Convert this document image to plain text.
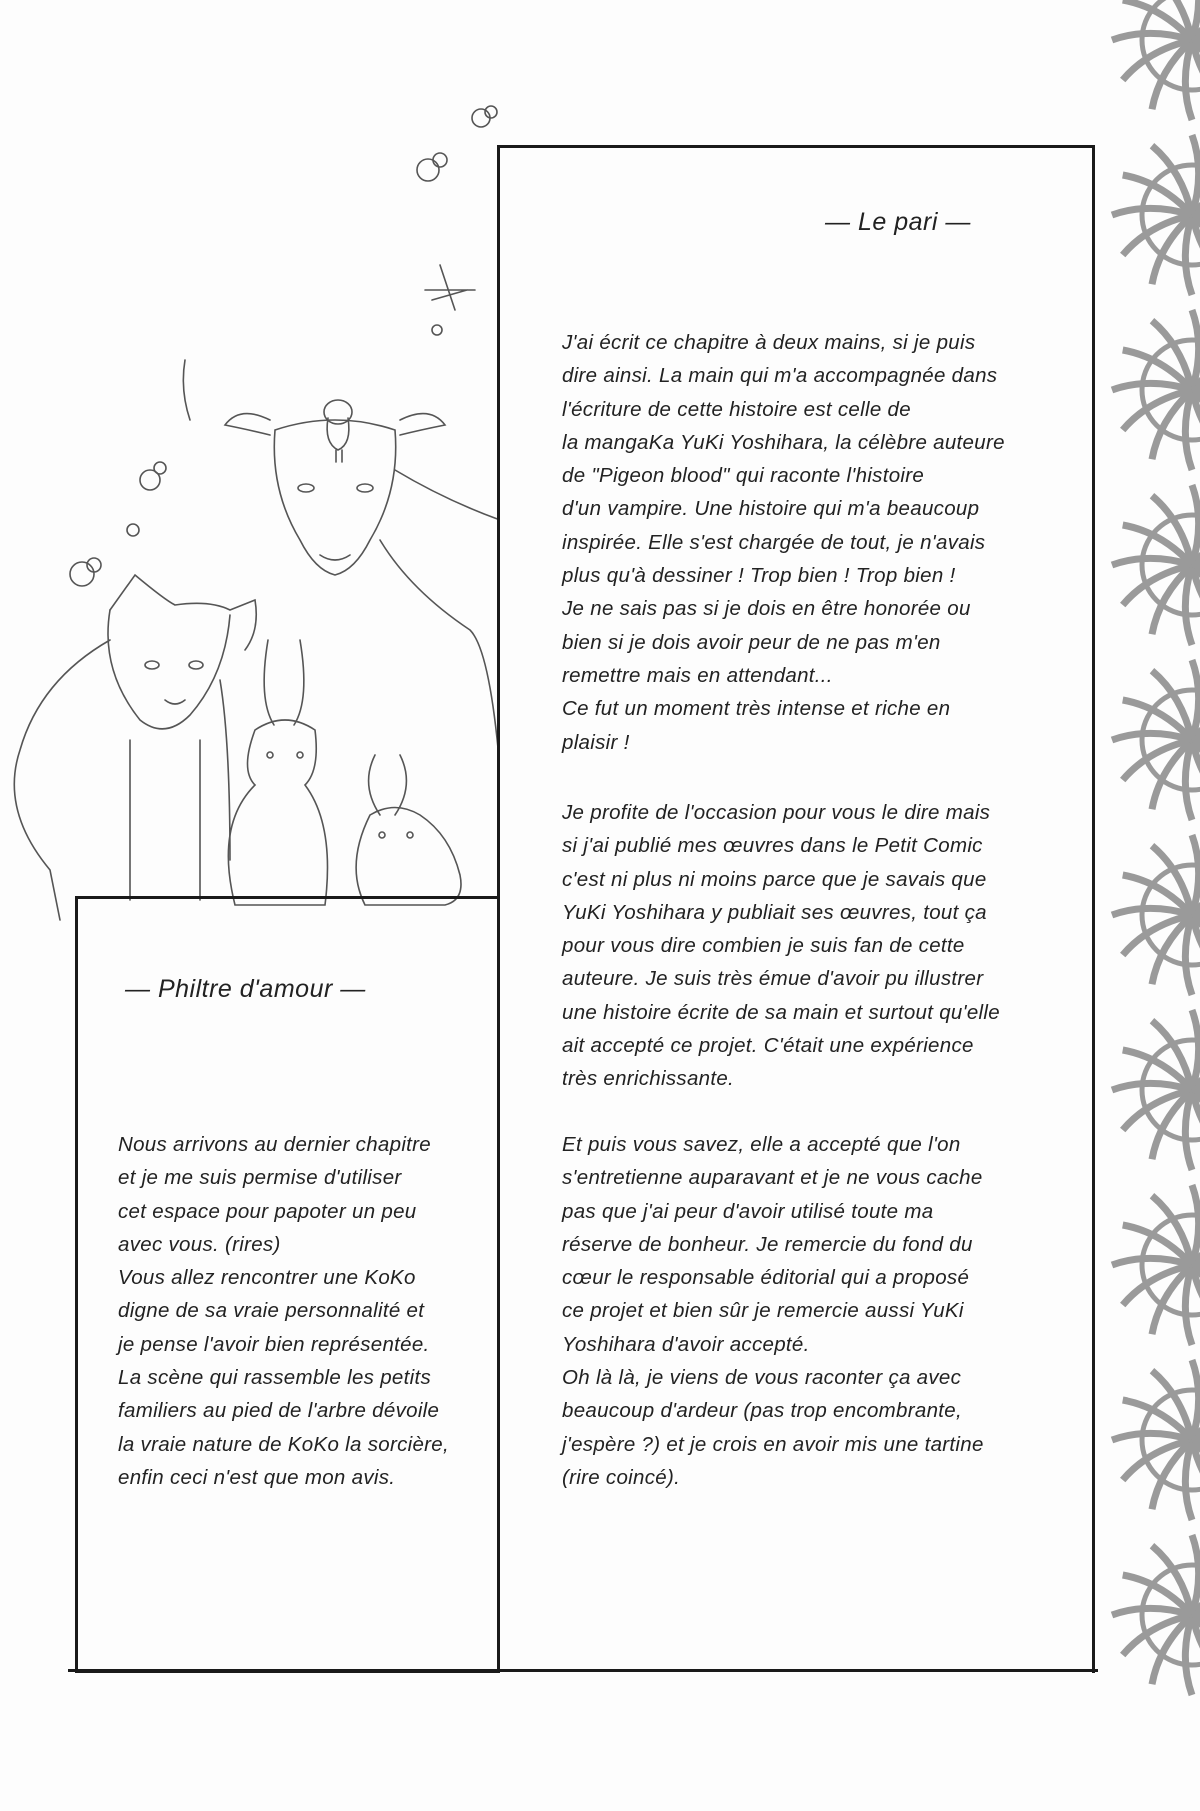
— Le pari —
J'ai écrit ce chapitre à deux mains, si je puis
dire ainsi. La main qui m'a accompagnée dans
l'écriture de cette histoire est celle de
la mangaKa YuKi Yoshihara, la célèbre auteure
de "Pigeon blood" qui raconte l'histoire
d'un vampire. Une histoire qui m'a beaucoup
inspirée. Elle s'est chargée de tout, je n'avais
plus qu'à dessiner ! Trop bien ! Trop bien !
Je ne sais pas si je dois en être honorée ou
bien si je dois avoir peur de ne pas m'en
remettre mais en attendant...
Ce fut un moment très intense et riche en
plaisir !
Je profite de l'occasion pour vous le dire mais
si j'ai publié mes œuvres dans le Petit Comic
c'est ni plus ni moins parce que je savais que
YuKi Yoshihara y publiait ses œuvres, tout ça
pour vous dire combien je suis fan de cette
auteure. Je suis très émue d'avoir pu illustrer
une histoire écrite de sa main et surtout qu'elle
ait accepté ce projet. C'était une expérience
très enrichissante.
Et puis vous savez, elle a accepté que l'on
s'entretienne auparavant et je ne vous cache
pas que j'ai peur d'avoir utilisé toute ma
réserve de bonheur. Je remercie du fond du
cœur le responsable éditorial qui a proposé
ce projet et bien sûr je remercie aussi YuKi
Yoshihara d'avoir accepté.
Oh là là, je viens de vous raconter ça avec
beaucoup d'ardeur (pas trop encombrante,
j'espère ?) et je crois en avoir mis une tartine
(rire coincé).
— Philtre d'amour —
Nous arrivons au dernier chapitre
et je me suis permise d'utiliser
cet espace pour papoter un peu
avec vous. (rires)
Vous allez rencontrer une KoKo
digne de sa vraie personnalité et
je pense l'avoir bien représentée.
La scène qui rassemble les petits
familiers au pied de l'arbre dévoile
la vraie nature de KoKo la sorcière,
enfin ceci n'est que mon avis.
